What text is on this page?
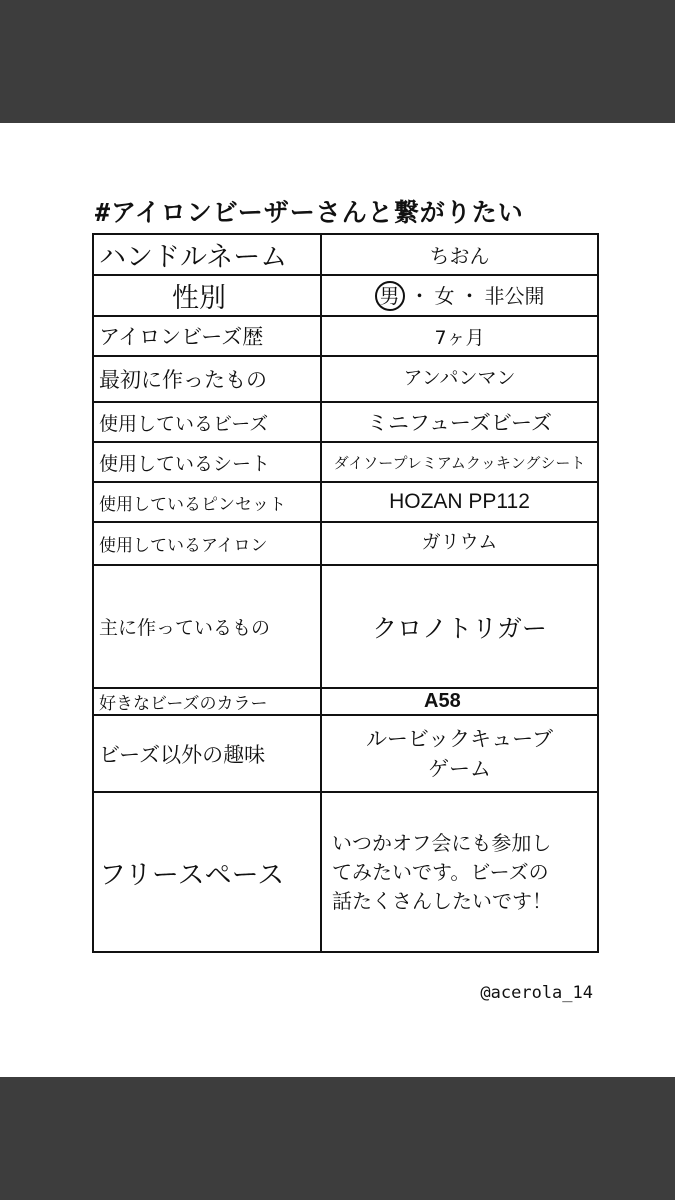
#アイロンビーザーさんと繋がりたい
ハンドルネーム	ちおん
性別	男 ・ 女 ・ 非公開
アイロンビーズ歴	7ヶ月
最初に作ったもの	アンパンマン
使用しているビーズ	ミニフューズビーズ
使用しているシート	ダイソープレミアムクッキングシート
使用しているピンセット	HOZAN PP112
使用しているアイロン	ガリウム
主に作っているもの	クロノトリガー
好きなビーズのカラー	A58
ビーズ以外の趣味	ルービックキューブ
ゲーム

フリースペース	いつかオフ会にも参加し
てみたいです。ビーズの
話たくさんしたいです！
@acerola_14
